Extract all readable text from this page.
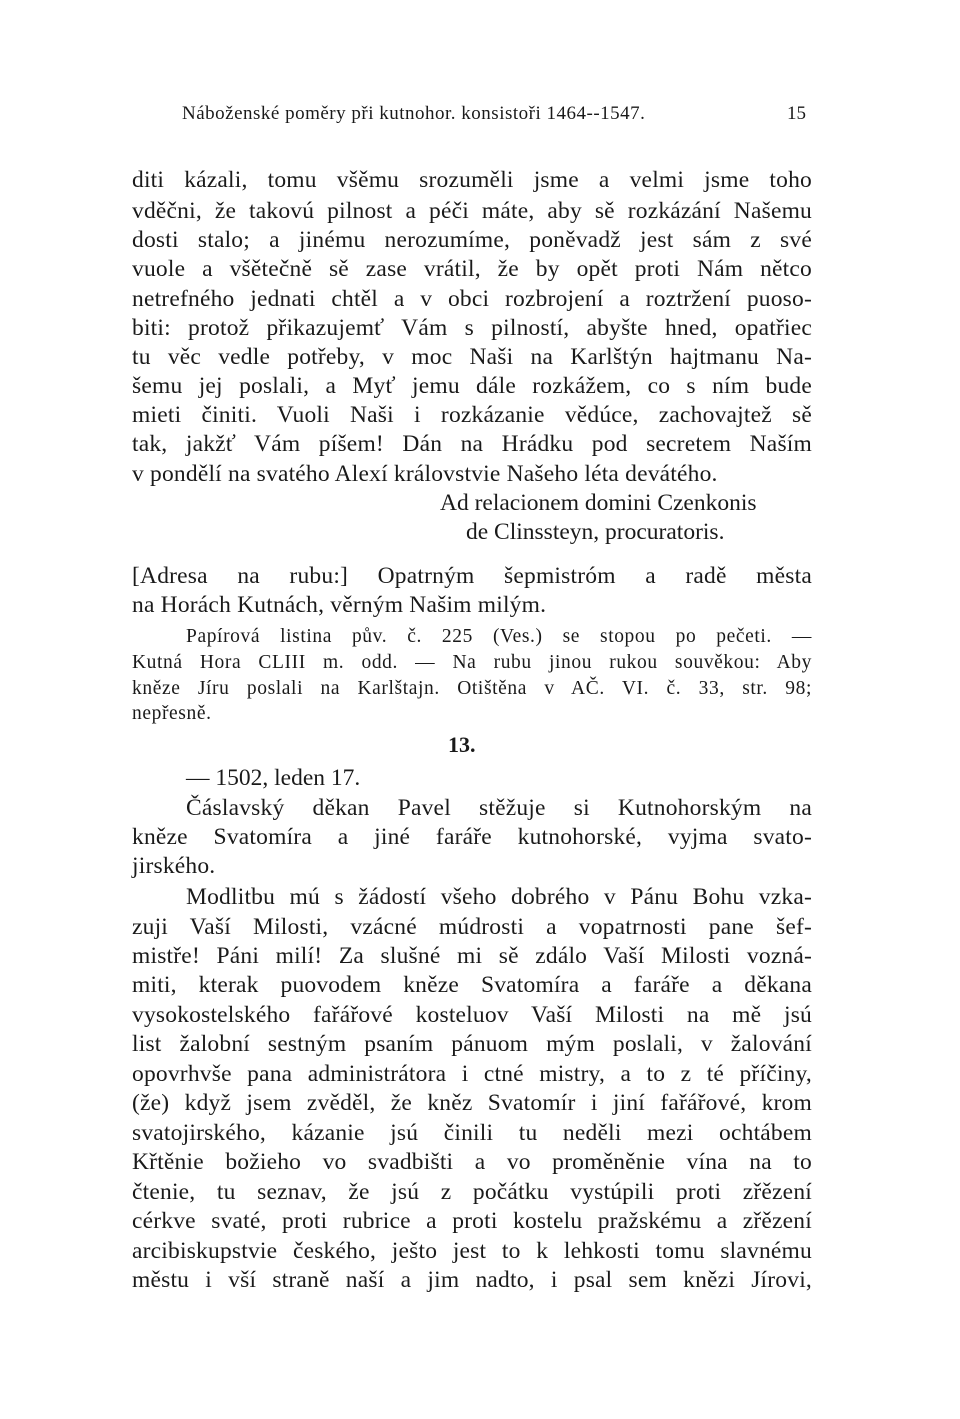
Náboženské poměry při kutnohor. konsistoři 1464--1547.	15
diti kázali, tomu všěmu srozuměli jsme a velmi jsme toho
vděčni, že takovú pilnost a péči máte, aby sě rozkázání Našemu
dosti stalo; a jinému nerozumíme, poněvadž jest sám z své
vuole a všětečně sě zase vrátil, že by opět proti Nám nětco
netrefného jednati chtěl a v obci rozbrojení a roztržení puoso-
biti: protož přikazujemť Vám s pilností, abyšte hned, opatřiec
tu věc vedle potřeby, v moc Naši na Karlštýn hajtmanu Na-
šemu jej poslali, a Myť jemu dále rozkážem, co s ním bude
mieti činiti. Vuoli Naši i rozkázanie vědúce, zachovajtež sě
tak, jakžť Vám píšem! Dán na Hrádku pod secretem Naším
v pondělí na svatého Alexí královstvie Našeho léta devátého.
Ad relacionem domini Czenkonis
de Clinssteyn, procuratoris.
[Adresa na rubu:] Opatrným šepmistróm a radě města
na Horách Kutnách, věrným Našim milým.
Papírová listina pův. č. 225 (Ves.) se stopou po pečeti. —
Kutná Hora CLIII m. odd. — Na rubu jinou rukou souvěkou: Aby
kněze Jíru poslali na Karlštajn. Otištěna v AČ. VI. č. 33, str. 98;
nepřesně.
13.
— 1502, leden 17.
Čáslavský děkan Pavel stěžuje si Kutnohorským na
kněze Svatomíra a jiné faráře kutnohorské, vyjma svato-
jirského.
Modlitbu mú s žádostí všeho dobrého v Pánu Bohu vzka-
zuji Vaší Milosti, vzácné múdrosti a vopatrnosti pane šef-
mistře! Páni milí! Za slušné mi sě zdálo Vaší Milosti vozná-
miti, kterak puovodem kněze Svatomíra a faráře a děkana
vysokostelského fařářové kosteluov Vaší Milosti na mě jsú
list žalobní sestným psaním pánuom mým poslali, v žalování
opovrhvše pana administrátora i ctné mistry, a to z té příčiny,
(že) když jsem zvěděl, že kněz Svatomír i jiní fařářové, krom
svatojirského, kázanie jsú činili tu neděli mezi ochtábem
Křtěnie božieho vo svadbišti a vo proměněnie vína na to
čtenie, tu seznav, že jsú z počátku vystúpili proti zřězení
cérkve svaté, proti rubrice a proti kostelu pražskému a zřězení
arcibiskupstvie českého, ješto jest to k lehkosti tomu slavnému
městu i vší straně naší a jim nadto, i psal sem knězi Jírovi,
